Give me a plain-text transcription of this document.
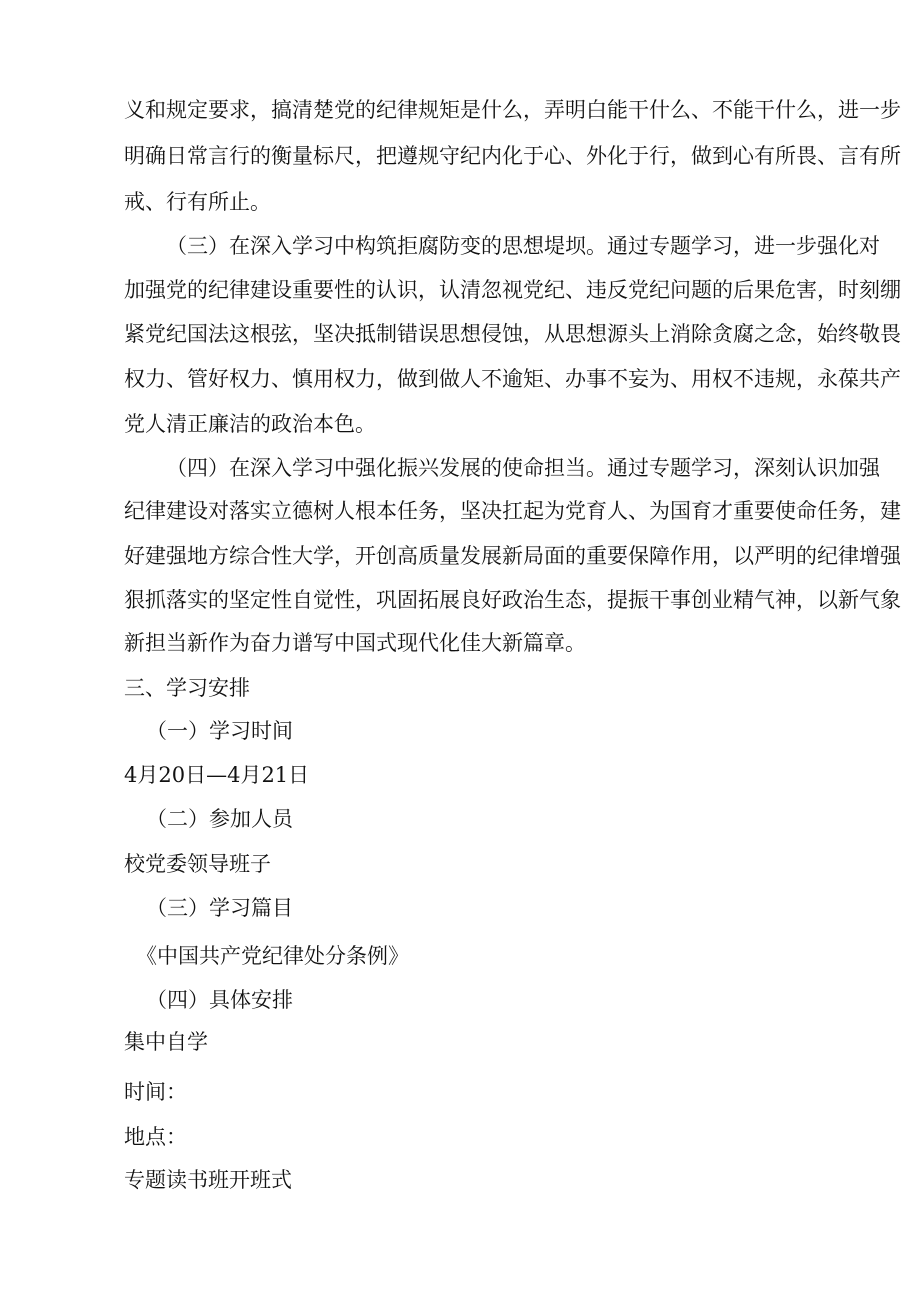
义和规定要求，搞清楚党的纪律规矩是什么，弄明白能干什么、不能干什么，进一步
明确日常言行的衡量标尺，把遵规守纪内化于心、外化于行，做到心有所畏、言有所
戒、行有所止。
（三）在深入学习中构筑拒腐防变的思想堤坝。通过专题学习，进一步强化对
加强党的纪律建设重要性的认识，认清忽视党纪、违反党纪问题的后果危害，时刻绷
紧党纪国法这根弦，坚决抵制错误思想侵蚀，从思想源头上消除贪腐之念，始终敬畏
权力、管好权力、慎用权力，做到做人不逾矩、办事不妄为、用权不违规，永葆共产
党人清正廉洁的政治本色。
（四）在深入学习中强化振兴发展的使命担当。通过专题学习，深刻认识加强
纪律建设对落实立德树人根本任务，坚决扛起为党育人、为国育才重要使命任务，建
好建强地方综合性大学，开创高质量发展新局面的重要保障作用，以严明的纪律增强
狠抓落实的坚定性自觉性，巩固拓展良好政治生态，提振干事创业精气神，以新气象
新担当新作为奋力谱写中国式现代化佳大新篇章。
三、学习安排
（一）学习时间
4月20日—4月21日
（二）参加人员
校党委领导班子
（三）学习篇目
《中国共产党纪律处分条例》
（四）具体安排
集中自学
时间：
地点：
专题读书班开班式
